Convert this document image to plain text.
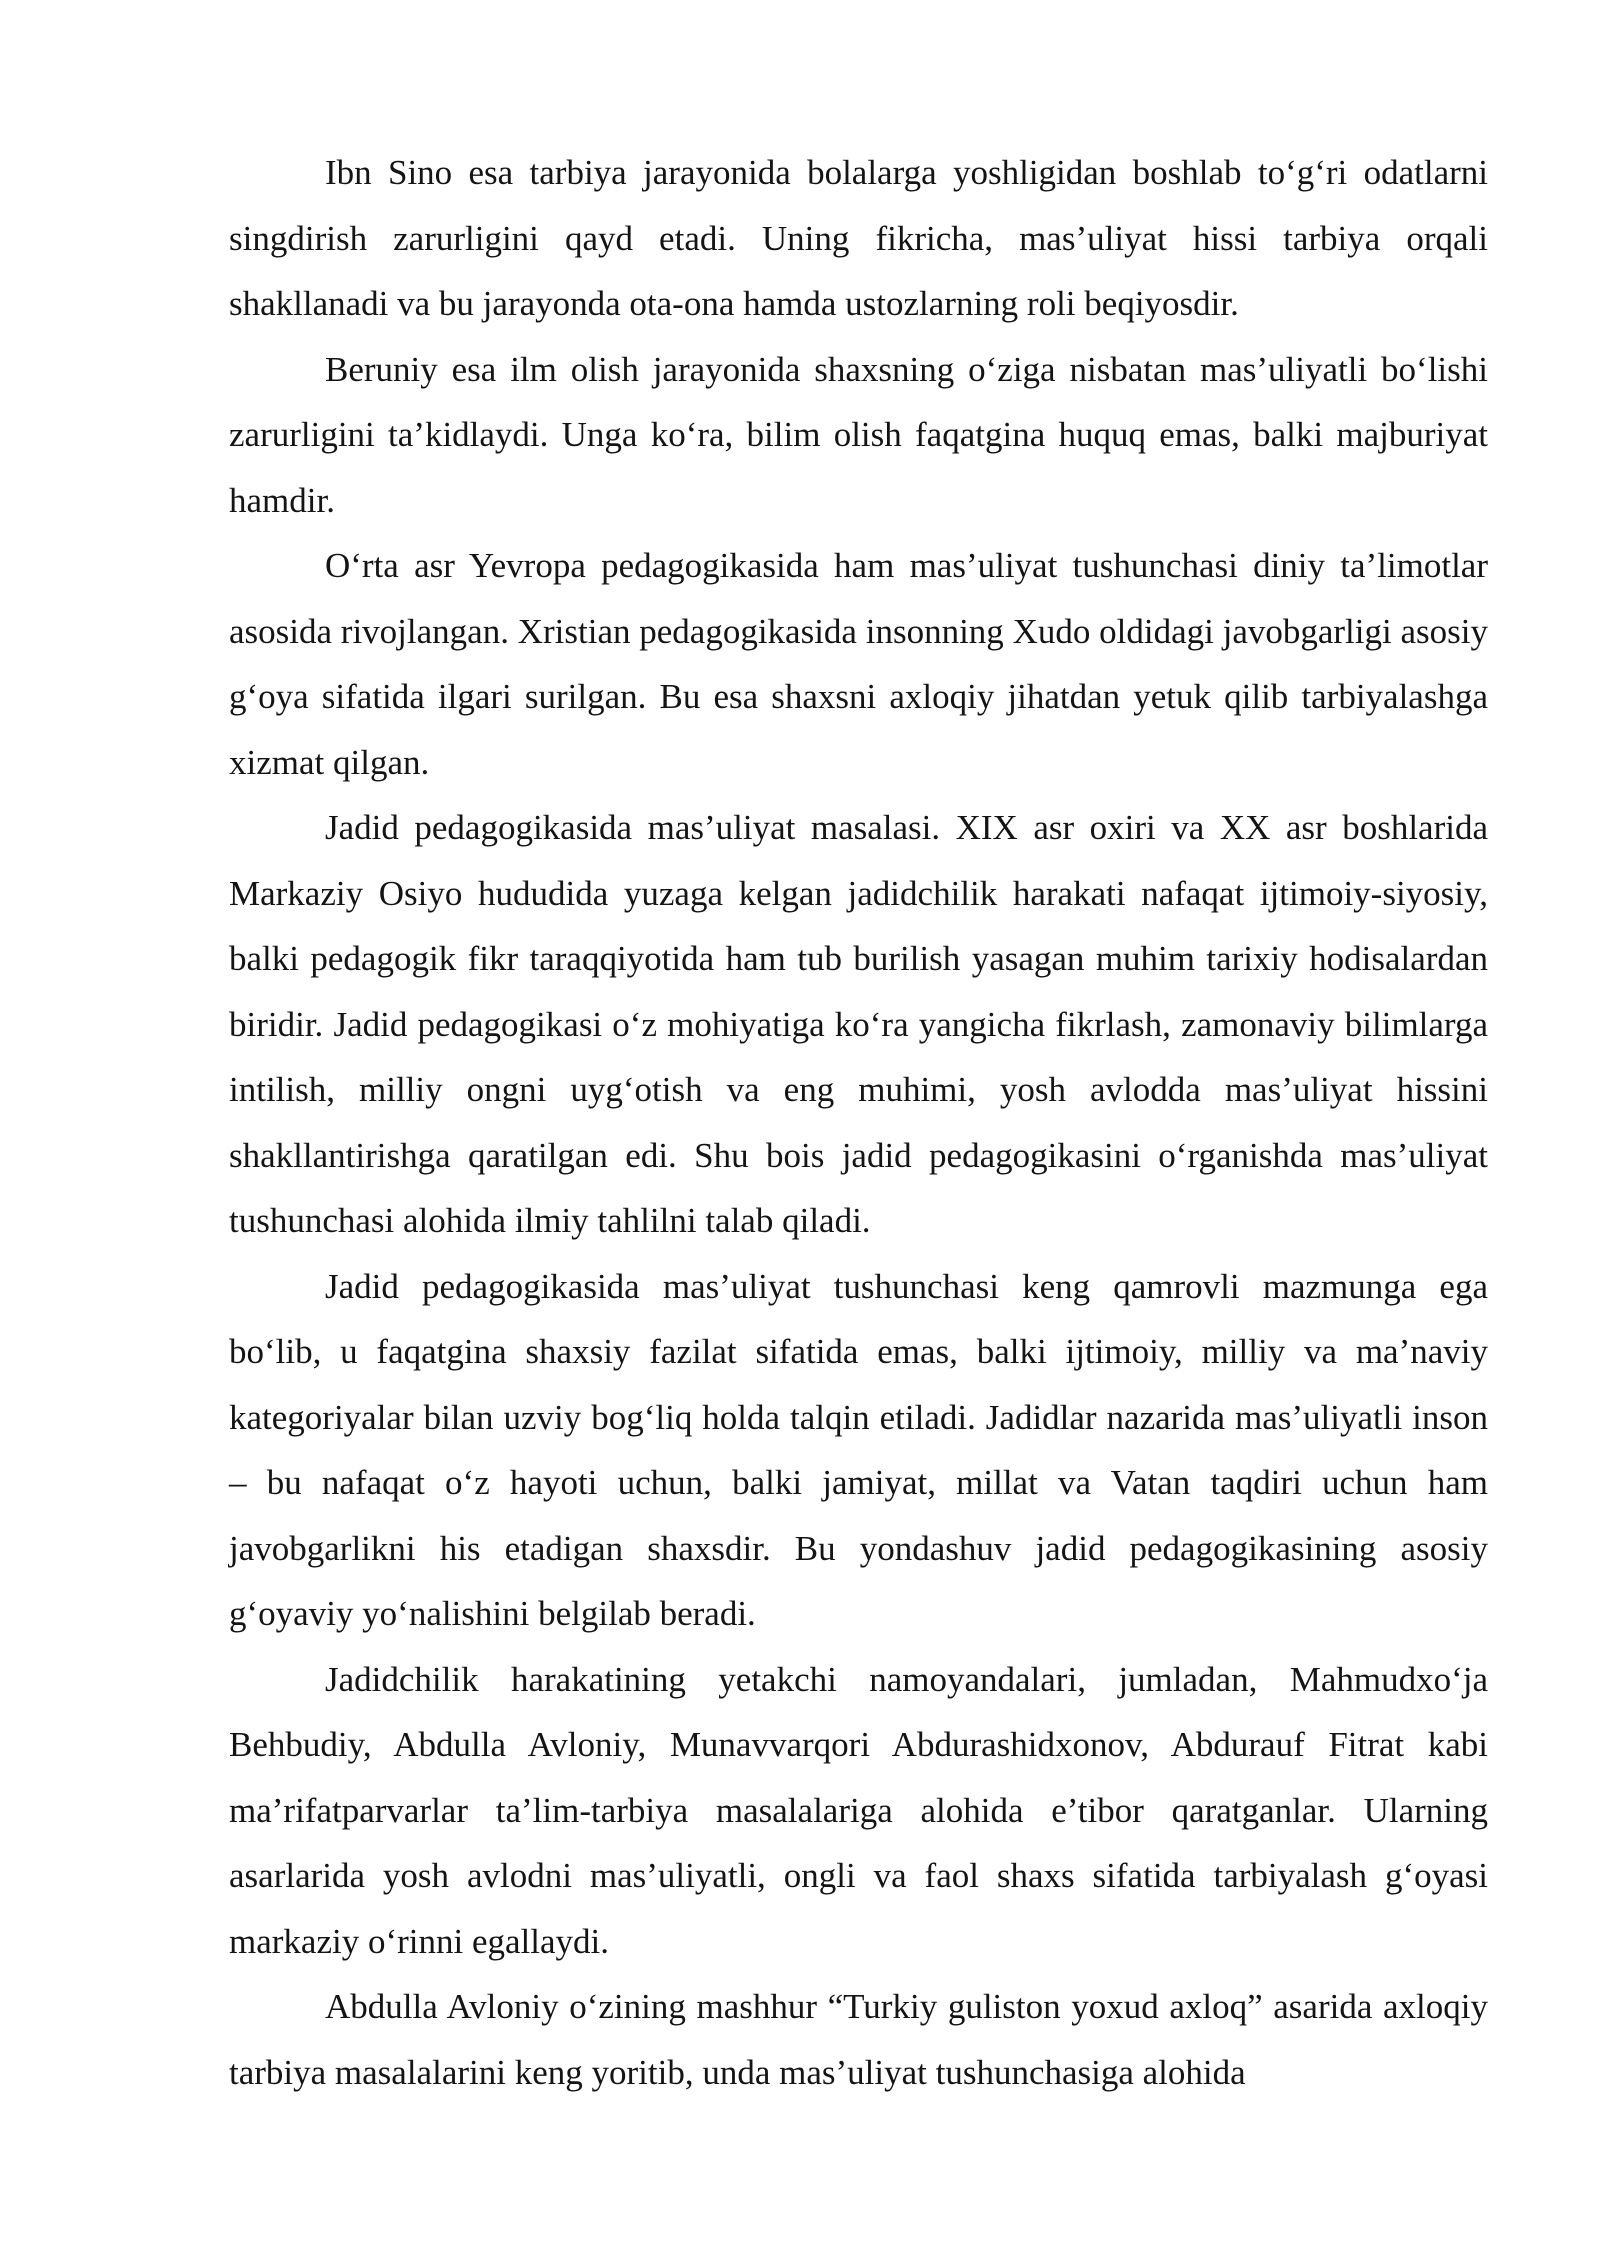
Ibn Sino esa tarbiya jarayonida bolalarga yoshligidan boshlab to‘g‘ri odatlarni singdirish zarurligini qayd etadi. Uning fikricha, mas’uliyat hissi tarbiya orqali shakllanadi va bu jarayonda ota-ona hamda ustozlarning roli beqiyosdir.

Beruniy esa ilm olish jarayonida shaxsning o‘ziga nisbatan mas’uliyatli bo‘lishi zarurligini ta’kidlaydi. Unga ko‘ra, bilim olish faqatgina huquq emas, balki majburiyat hamdir.

O‘rta asr Yevropa pedagogikasida ham mas’uliyat tushunchasi diniy ta’limotlar asosida rivojlangan. Xristian pedagogikasida insonning Xudo oldidagi javobgarligi asosiy g‘oya sifatida ilgari surilgan. Bu esa shaxsni axloqiy jihatdan yetuk qilib tarbiyalashga xizmat qilgan.

Jadid pedagogikasida mas’uliyat masalasi. XIX asr oxiri va XX asr boshlarida Markaziy Osiyo hududida yuzaga kelgan jadidchilik harakati nafaqat ijtimoiy-siyosiy, balki pedagogik fikr taraqqiyotida ham tub burilish yasagan muhim tarixiy hodisalardan biridir. Jadid pedagogikasi o‘z mohiyatiga ko‘ra yangicha fikrlash, zamonaviy bilimlarga intilish, milliy ongni uyg‘otish va eng muhimi, yosh avlodda mas’uliyat hissini shakllantirishga qaratilgan edi. Shu bois jadid pedagogikasini o‘rganishda mas’uliyat tushunchasi alohida ilmiy tahlilni talab qiladi.

Jadid pedagogikasida mas’uliyat tushunchasi keng qamrovli mazmunga ega bo‘lib, u faqatgina shaxsiy fazilat sifatida emas, balki ijtimoiy, milliy va ma’naviy kategoriyalar bilan uzviy bog‘liq holda talqin etiladi. Jadidlar nazarida mas’uliyatli inson – bu nafaqat o‘z hayoti uchun, balki jamiyat, millat va Vatan taqdiri uchun ham javobgarlikni his etadigan shaxsdir. Bu yondashuv jadid pedagogikasining asosiy g‘oyaviy yo‘nalishini belgilab beradi.

Jadidchilik harakatining yetakchi namoyandalari, jumladan, Mahmudxo‘ja Behbudiy, Abdulla Avloniy, Munavvarqori Abdurashidxonov, Abdurauf Fitrat kabi ma’rifatparvarlar ta’lim-tarbiya masalalariga alohida e’tibor qaratganlar. Ularning asarlarida yosh avlodni mas’uliyatli, ongli va faol shaxs sifatida tarbiyalash g‘oyasi markaziy o‘rinni egallaydi.

Abdulla Avloniy o‘zining mashhur “Turkiy guliston yoxud axloq” asarida axloqiy tarbiya masalalarini keng yoritib, unda mas’uliyat tushunchasiga alohida
